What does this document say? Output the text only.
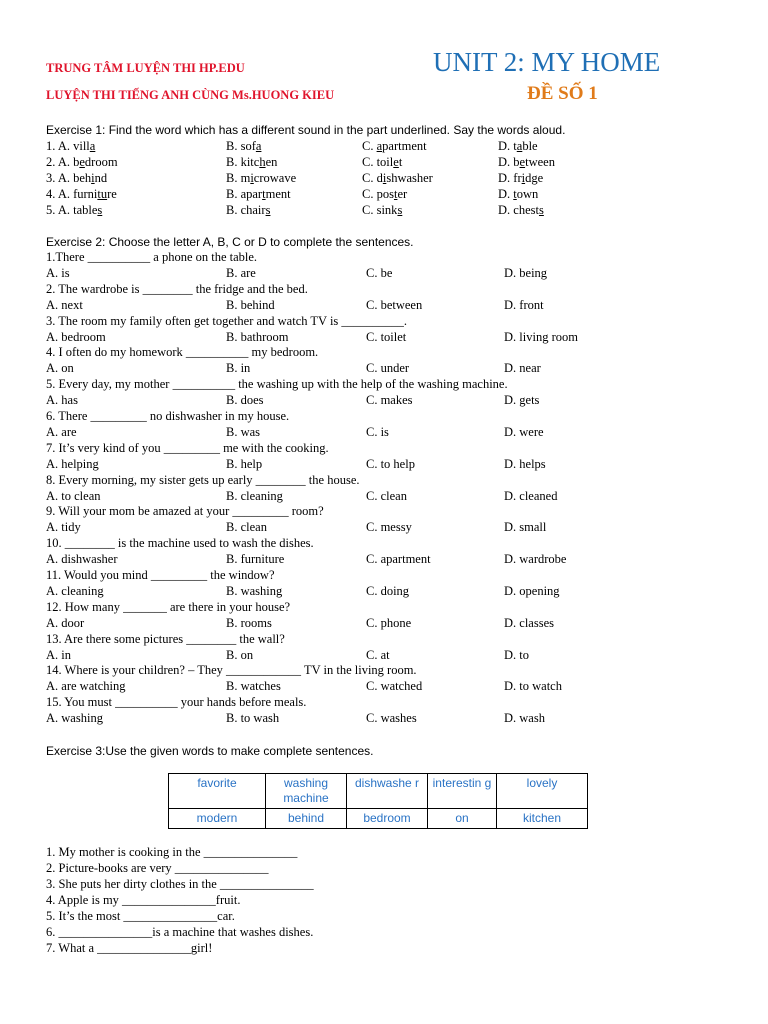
TRUNG TÂM LUYỆN THI HP.EDU
LUYỆN THI TIẾNG ANH CÙNG Ms.HUONG KIEU
UNIT 2: MY HOME
ĐỀ SỐ 1
Exercise 1: Find the word which has a different sound in the part underlined. Say the words aloud.
1. A. villa	B. sofa	C. apartment	D. table
2. A. bedroom	B. kitchen	C. toilet	D. between
3. A. behind	B. microwave	C. dishwasher	D. fridge
4. A. furniture	B. apartment	C. poster	D. town
5. A. tables	B. chairs	C. sinks	D. chests
Exercise 2: Choose the letter A, B, C or D to complete the sentences.
1.There __________ a phone on the table.
A. is	B. are	C. be	D. being
2. The wardrobe is ________ the fridge and the bed.
A. next	B. behind	C. between	D. front
3. The room my family often get together and watch TV is __________.
A. bedroom	B. bathroom	C. toilet	D. living room
4. I often do my homework __________ my bedroom.
A. on	B. in	C. under	D. near
5. Every day, my mother __________ the washing up with the help of the washing machine.
A. has	B. does	C. makes	D. gets
6. There _________ no dishwasher in my house.
A. are	B. was	C. is	D. were
7. It’s very kind of you _________ me with the cooking.
A. helping	B. help	C. to help	D. helps
8. Every morning, my sister gets up early ________ the house.
A. to clean	B. cleaning	C. clean	D. cleaned
9. Will your mom be amazed at your _________ room?
A. tidy	B. clean	C. messy	D. small
10. ________ is the machine used to wash the dishes.
A. dishwasher	B. furniture	C. apartment	D. wardrobe
11. Would you mind _________ the window?
A. cleaning	B. washing	C. doing	D. opening
12. How many _______ are there in your house?
A. door	B. rooms	C. phone	D. classes
13. Are there some pictures ________ the wall?
A. in	B. on	C. at	D. to
14. Where is your children? – They ____________ TV in the living room.
A. are watching	B. watches	C. watched	D. to watch
15. You must __________ your hands before meals.
A. washing	B. to wash	C. washes	D. wash
Exercise 3:Use the given words to make complete sentences.
favorite	washing machine	dishwashe r	interestin g	lovely
modern	behind	bedroom	on	kitchen
1. My mother is cooking in the _______________
2. Picture-books are very _______________
3. She puts her dirty clothes in the _______________
4. Apple is my _______________fruit.
5. It’s the most _______________car.
6. _______________is a machine that washes dishes.
7. What a _______________girl!
